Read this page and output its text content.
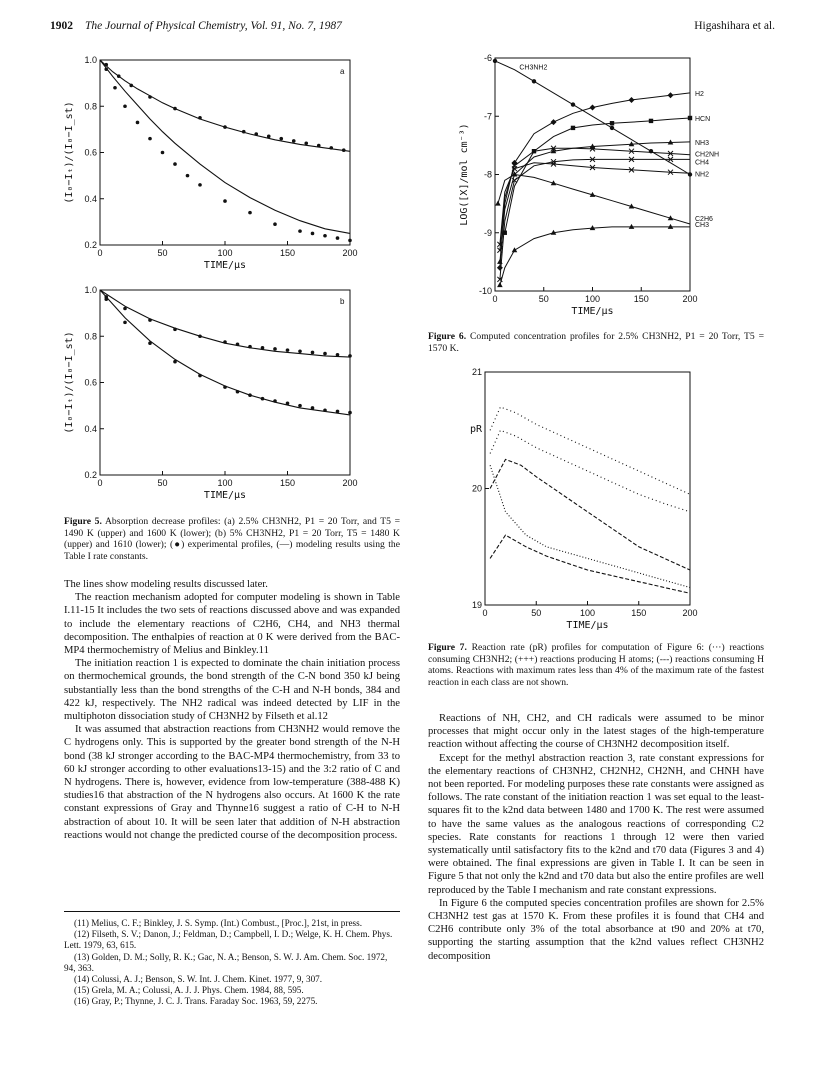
1902 The Journal of Physical Chemistry, Vol. 91, No. 7, 1987	Higashihara et al.
0	50	100	150	200
0.2
0.4
0.6
0.8
1.0
TIME/μs
(I₀−Iₜ)/(I₀−I_st)
a
0	50	100	150	200
0.2
0.4
0.6
0.8
1.0
TIME/μs
(I₀−Iₜ)/(I₀−I_st)
b
Figure 5. Absorption decrease profiles: (a) 2.5% CH3NH2, P1 = 20 Torr, and T5 = 1490 K (upper) and 1600 K (lower); (b) 5% CH3NH2, P1 = 20 Torr, T5 = 1480 K (upper) and 1610 (lower); (●) experimental profiles, (—) modeling results using the Table I rate constants.

The lines show modeling results discussed later.

The reaction mechanism adopted for computer modeling is shown in Table I.11-15 It includes the two sets of reactions discussed above and was expanded to include the elementary reactions of C2H6, CH4, and NH3 thermal decomposition. The enthalpies of reaction at 0 K were derived from the BAC-MP4 thermochemistry of Melius and Binkley.11

The initiation reaction 1 is expected to dominate the chain initiation process on thermochemical grounds, the bond strength of the C-N bond 350 kJ being substantially less than the bond strengths of the C-H and N-H bonds, 384 and 422 kJ, respectively. The NH2 radical was indeed detected by LIF in the multiphoton dissociation study of CH3NH2 by Filseth et al.12

It was assumed that abstraction reactions from CH3NH2 would remove the C hydrogens only. This is supported by the greater bond strength of the N-H bond (38 kJ stronger according to the BAC-MP4 thermochemistry, from 33 to 60 kJ stronger according to other evaluations13-15) and the 3:2 ratio of C and N hydrogens. There is, however, evidence from low-temperature (388-488 K) studies16 that abstraction of the N hydrogens also occurs. At 1600 K the rate constant expressions of Gray and Thynne16 suggest a ratio of C-H to N-H abstraction of about 10. It will be seen later that addition of N-H abstraction reactions would not change the predicted course of the decomposition process.

(11) Melius, C. F.; Binkley, J. S. Symp. (Int.) Combust., [Proc.], 21st, in press.
(12) Filseth, S. V.; Danon, J.; Feldman, D.; Campbell, I. D.; Welge, K. H. Chem. Phys. Lett. 1979, 63, 615.
(13) Golden, D. M.; Solly, R. K.; Gac, N. A.; Benson, S. W. J. Am. Chem. Soc. 1972, 94, 363.
(14) Colussi, A. J.; Benson, S. W. Int. J. Chem. Kinet. 1977, 9, 307.
(15) Grela, M. A.; Colussi, A. J. J. Phys. Chem. 1984, 88, 595.
(16) Gray, P.; Thynne, J. C. J. Trans. Faraday Soc. 1963, 59, 2275.
0	50	100	150	200
-10
-9
-8
-7
-6
TIME/μs
LOG([X]/mol cm⁻³)
CH3NH2
H2
HCN
NH3
CH2NH
CH4
NH2
CH3
C2H6
Figure 6. Computed concentration profiles for 2.5% CH3NH2, P1 = 20 Torr, T5 = 1570 K.
0	50	100	150	200
19
20
21
TIME/μs
pR
Figure 7. Reaction rate (pR) profiles for computation of Figure 6: (···) reactions consuming CH3NH2; (+++) reactions producing H atoms; (---) reactions consuming H atoms. Reactions with maximum rates less than 4% of the maximum rate of the fastest reaction in each class are not shown.

Reactions of NH, CH2, and CH radicals were assumed to be minor processes that might occur only in the latest stages of the high-temperature reaction without affecting the course of CH3NH2 decomposition itself.

Except for the methyl abstraction reaction 3, rate constant expressions for the elementary reactions of CH3NH2, CH2NH2, CH2NH, and CHNH have not been reported. For modeling purposes these rate constants were assigned as follows. The rate constant of the initiation reaction 1 was set equal to the least-squares fit to the k2nd data between 1480 and 1700 K. The rest were assumed to have the same values as the analogous reactions of corresponding C2 species. Rate constants for reactions 1 through 12 were then varied systematically until satisfactory fits to the k2nd and t70 data (Figures 3 and 4) were obtained. The final expressions are given in Table I. It can be seen in Figure 5 that not only the k2nd and t70 data but also the entire profiles are well reproduced by the Table I mechanism and rate constant expressions.

In Figure 6 the computed species concentration profiles are shown for 2.5% CH3NH2 test gas at 1570 K. From these profiles it is found that CH4 and C2H6 contribute only 3% of the total absorbance at t90 and 20% at t70, supporting the starting assumption that the k2nd values reflect CH3NH2 decomposition
